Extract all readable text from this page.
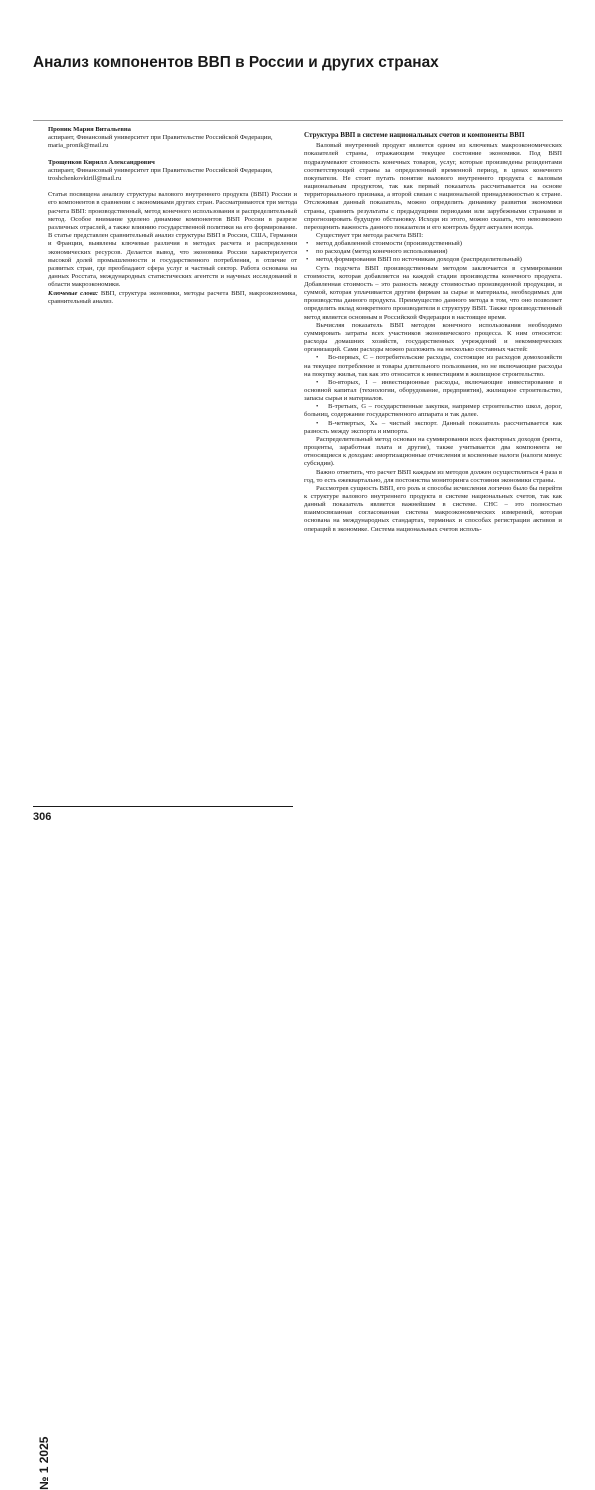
Анализ компонентов ВВП в России и других странах
Проник Мария Витальевна
аспирант, Финансовый университет при Правительстве Российской Федерации,
maria_pronik@mail.ru
Трощенков Кирилл Александрович
аспирант, Финансовый университет при Правительстве Российской Федерации,
troshchenkovkirill@mail.ru

Статья посвящена анализу структуры валового внутреннего продукта (ВВП) России и его компонентов в сравнении с экономиками других стран. Рассматриваются три метода расчета ВВП: производственный, метод конечного использования и распределительный метод. Особое внимание уделено динамике компонентов ВВП России в разрезе различных отраслей, а также влиянию государственной политики на его формирование. В статье представлен сравнительный анализ структуры ВВП в России, США, Германии и Франции, выявлены ключевые различия в методах расчета и распределении экономических ресурсов. Делается вывод, что экономика России характеризуется высокой долей промышленности и государственного потребления, в отличие от развитых стран, где преобладают сфера услуг и частный сектор. Работа основана на данных Росстата, международных статистических агентств и научных исследований в области макроэкономики.

Ключевые слова: ВВП, структура экономики, методы расчета ВВП, макроэкономика, сравнительный анализ.
Структура ВВП в системе национальных счетов и компоненты ВВП

Валовый внутренний продукт является одним из ключевых макроэкономических показателей страны, отражающим текущее состояние экономики. Под ВВП подразумевают стоимость конечных товаров, услуг, которые произведены резидентами соответствующей страны за определенный временной период, в ценах конечного покупателя. Не стоит путать понятие валового внутреннего продукта с валовым национальным продуктом, так как первый показатель рассчитывается на основе территориального признака, а второй связан с национальной принадлежностью к стране. Отслеживая данный показатель, можно определить динамику развития экономики страны, сравнить результаты с предыдущими периодами или зарубежными странами и спрогнозировать будущую обстановку. Исходя из этого, можно сказать, что невозможно переоценить важность данного показателя и его контроль будет актуален всегда.

Существует три метода расчета ВВП:

• метод добавленной стоимости (производственный)
• по расходам (метод конечного использования)
• метод формирования ВВП по источникам доходов (распределительный)

Суть подсчета ВВП производственным методом заключается в суммировании стоимости, которая добавляется на каждой стадии производства конечного продукта. Добавленная стоимость – это разность между стоимостью произведенной продукции, и суммой, которая уплачивается другим фирмам за сырье и материалы, необходимых для производства данного продукта. Преимущество данного метода в том, что оно позволяет определить вклад конкретного производителя в структуру ВВП. Также производственный метод является основным в Российской Федерации в настоящее время.

Вычисляя показатель ВВП методом конечного использования необходимо суммировать затраты всех участников экономического процесса. К ним относятся: расходы домашних хозяйств, государственных учреждений и некоммерческих организаций. Сами расходы можно разложить на несколько составных частей:

• Во-первых, С – потребительские расходы, состоящие из расходов домохозяйств на текущее потребление и товары длительного пользования, но не включающие расходы на покупку жилья, так как это относится к инвестициям в жилищное строительство.

• Во-вторых, I – инвестиционные расходы, включающие инвестирование в основной капитал (технологии, оборудование, предприятия), жилищное строительство, запасы сырья и материалов.

• В-третьих, G – государственные закупки, например строительство школ, дорог, больниц, содержание государственного аппарата и так далее.

• В-четвертых, Xₙ – чистый экспорт. Данный показатель рассчитывается как разность между экспорта и импорта.

Распределительный метод основан на суммировании всех факторных доходов (рента, проценты, заработная плата и другие), также учитывается два компонента не относящиеся к доходам: амортизационные отчисления и косвенные налоги (налоги минус субсидии).

Важно отметить, что расчет ВВП каждым из методов должен осуществляться 4 раза в год, то есть ежеквартально, для постоянства мониторинга состояния экономики страны.

Рассмотрев сущность ВВП, его роль и способы исчисления логично было бы перейти к структуре валового внутреннего продукта в системе национальных счетов, так как данный показатель является важнейшим в системе. СНС – это полностью взаимосвязанная согласованная система макроэкономических измерений, которая основана на международных стандартах, терминах и способах регистрации активов и операций в экономике. Система национальных счетов исполь-

№ 1 2025
306
